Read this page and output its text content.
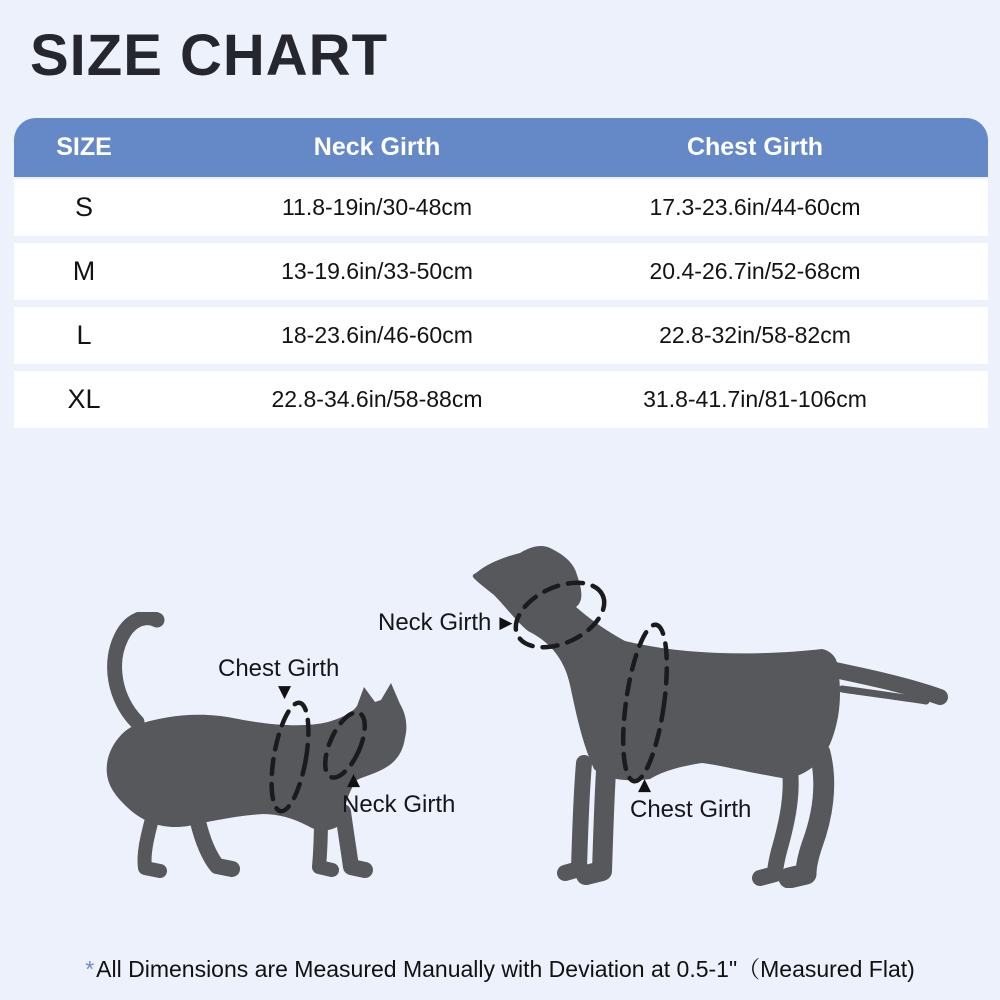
SIZE CHART
SIZE	Neck Girth	Chest Girth
S	11.8-19in/30-48cm	17.3-23.6in/44-60cm
M	13-19.6in/33-50cm	20.4-26.7in/52-68cm
L	18-23.6in/46-60cm	22.8-32in/58-82cm
XL	22.8-34.6in/58-88cm	31.8-41.7in/81-106cm
Chest Girth
▼
▲
Neck Girth
Neck Girth ▶
▲
Chest Girth
*All Dimensions are Measured Manually with Deviation at 0.5-1"（Measured Flat)
